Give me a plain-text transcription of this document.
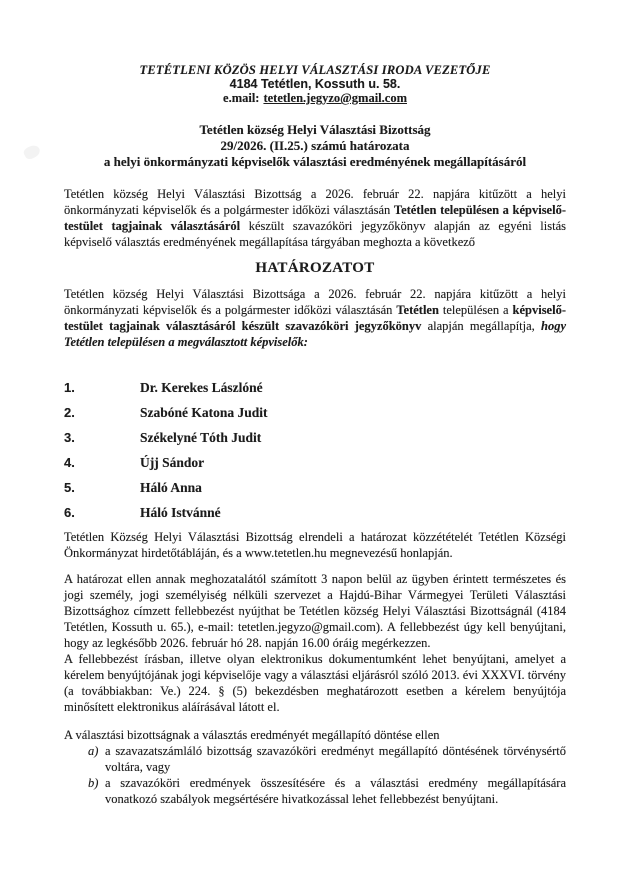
TETÉTLENI KÖZÖS HELYI VÁLASZTÁSI IRODA VEZETŐJE
4184 Tetétlen, Kossuth u. 58.
e.mail: tetetlen.jegyzo@gmail.com
Tetétlen község Helyi Választási Bizottság
29/2026. (II.25.) számú határozata
a helyi önkormányzati képviselők választási eredményének megállapításáról

Tetétlen község Helyi Választási Bizottság a 2026. február 22. napjára kitűzött a helyi önkormányzati képviselők és a polgármester időközi választásán Tetétlen településen a képviselő-testület tagjainak választásáról készült szavazóköri jegyzőkönyv alapján az egyéni listás képviselő választás eredményének megállapítása tárgyában meghozta a következő

HATÁROZATOT

Tetétlen község Helyi Választási Bizottsága a 2026. február 22. napjára kitűzött a helyi önkormányzati képviselők és a polgármester időközi választásán Tetétlen településen a képviselő-testület tagjainak választásáról készült szavazóköri jegyzőkönyv alapján megállapítja, hogy Tetétlen településen a megválasztott képviselők:

1.	Dr. Kerekes Lászlóné
2.	Szabóné Katona Judit
3.	Székelyné Tóth Judit
4.	Újj Sándor
5.	Háló Anna
6.	Háló Istvánné

Tetétlen Község Helyi Választási Bizottság elrendeli a határozat közzétételét Tetétlen Községi Önkormányzat hirdetőtábláján, és a www.tetetlen.hu megnevezésű honlapján.

A határozat ellen annak meghozatalától számított 3 napon belül az ügyben érintett természetes és jogi személy, jogi személyiség nélküli szervezet a Hajdú-Bihar Vármegyei Területi Választási Bizottsághoz címzett fellebbezést nyújthat be Tetétlen község Helyi Választási Bizottságnál (4184 Tetétlen, Kossuth u. 65.), e-mail: tetetlen.jegyzo@gmail.com). A fellebbezést úgy kell benyújtani, hogy az legkésőbb 2026. február hó 28. napján 16.00 óráig megérkezzen.

A fellebbezést írásban, illetve olyan elektronikus dokumentumként lehet benyújtani, amelyet a kérelem benyújtójának jogi képviselője vagy a választási eljárásról szóló 2013. évi XXXVI. törvény (a továbbiakban: Ve.) 224. § (5) bekezdésben meghatározott esetben a kérelem benyújtója minősített elektronikus aláírásával látott el.

A választási bizottságnak a választás eredményét megállapító döntése ellen
a) a szavazatszámláló bizottság szavazóköri eredményt megállapító döntésének törvénysértő voltára, vagy
b) a szavazóköri eredmények összesítésére és a választási eredmény megállapítására vonatkozó szabályok megsértésére hivatkozással lehet fellebbezést benyújtani.
